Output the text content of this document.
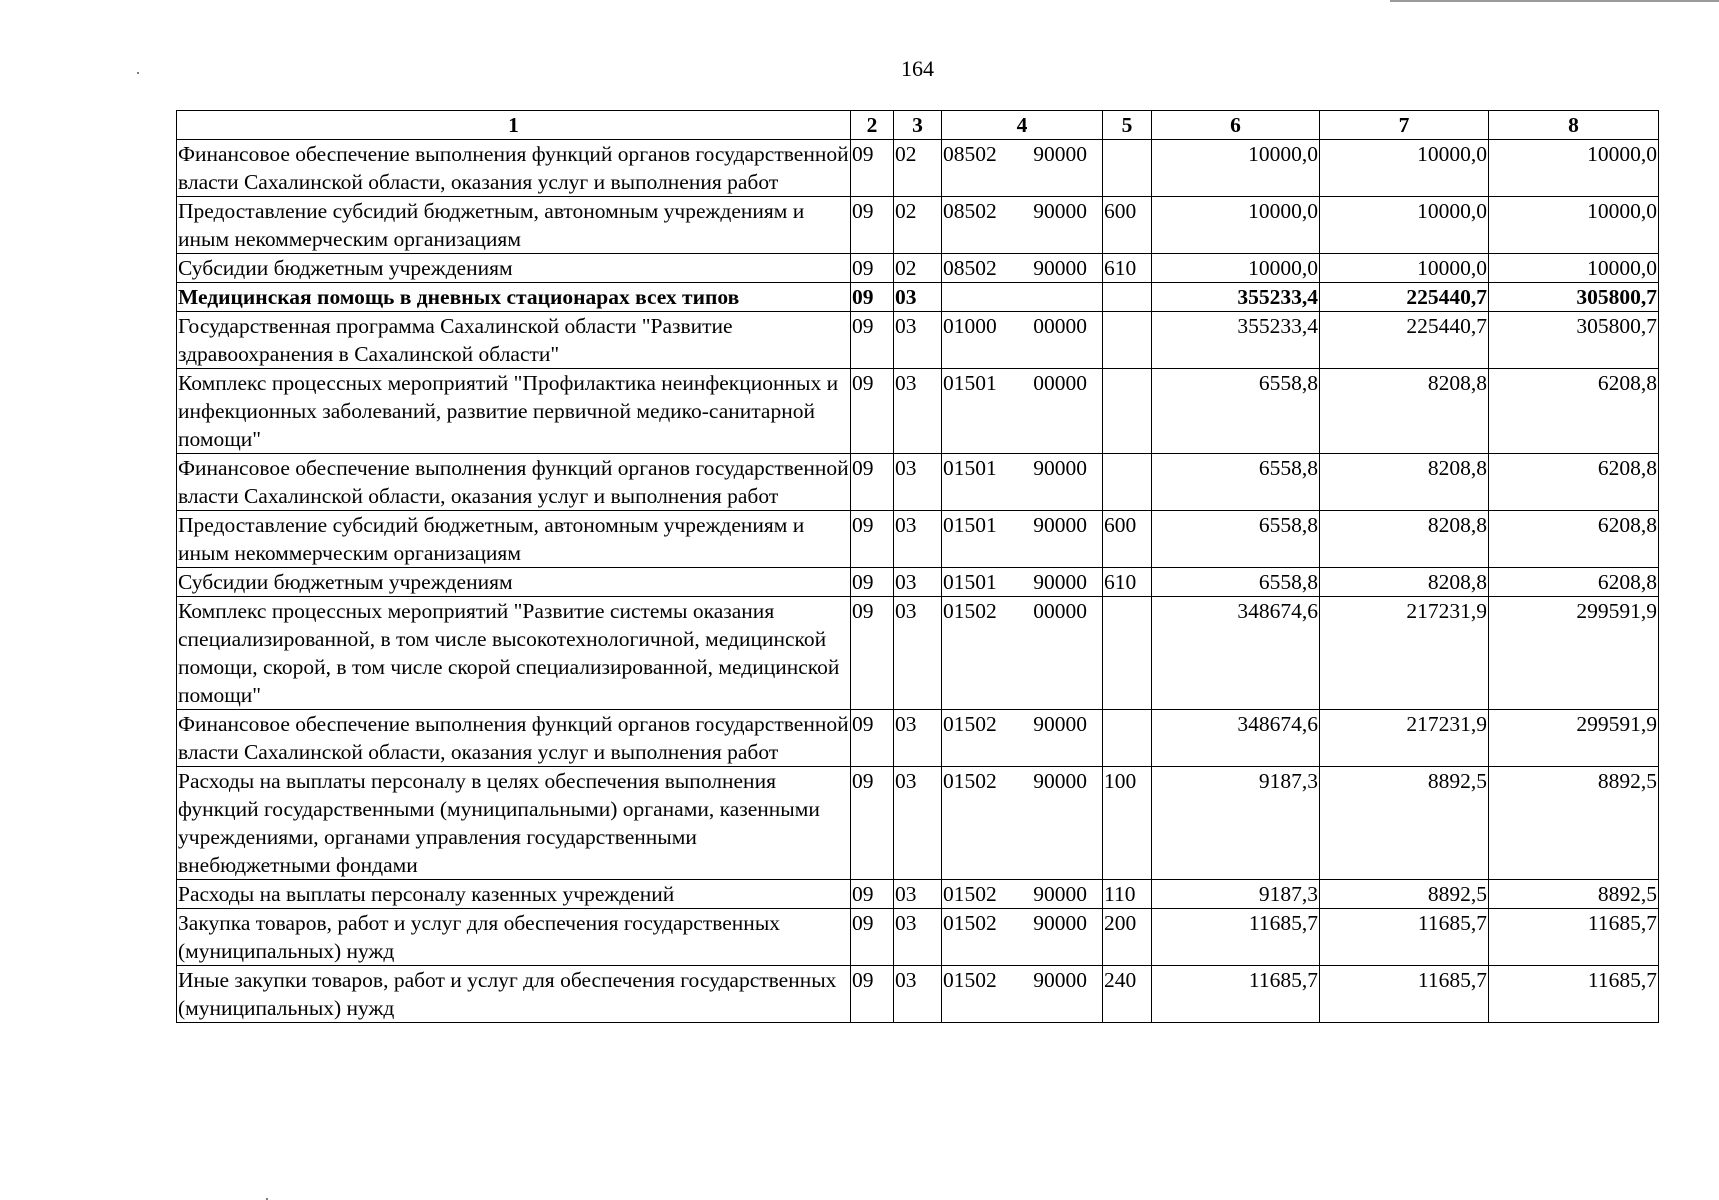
164
1	2	3	4	5	6	7	8
Финансовое обеспечение выполнения функций органов государственной власти Сахалинской области, оказания услуг и выполнения работ	09	02	08502 90000		10000,0	10000,0	10000,0
Предоставление субсидий бюджетным, автономным учреждениям и иным некоммерческим организациям	09	02	08502 90000	600	10000,0	10000,0	10000,0
Субсидии бюджетным учреждениям	09	02	08502 90000	610	10000,0	10000,0	10000,0
Медицинская помощь в дневных стационарах всех типов	09	03			355233,4	225440,7	305800,7
Государственная программа Сахалинской области "Развитие здравоохранения в Сахалинской области"	09	03	01000 00000		355233,4	225440,7	305800,7
Комплекс процессных мероприятий "Профилактика неинфекционных и инфекционных заболеваний, развитие первичной медико-санитарной помощи"	09	03	01501 00000		6558,8	8208,8	6208,8
Финансовое обеспечение выполнения функций органов государственной власти Сахалинской области, оказания услуг и выполнения работ	09	03	01501 90000		6558,8	8208,8	6208,8
Предоставление субсидий бюджетным, автономным учреждениям и иным некоммерческим организациям	09	03	01501 90000	600	6558,8	8208,8	6208,8
Субсидии бюджетным учреждениям	09	03	01501 90000	610	6558,8	8208,8	6208,8
Комплекс процессных мероприятий "Развитие системы оказания специализированной, в том числе высокотехнологичной, медицинской помощи, скорой, в том числе скорой специализированной, медицинской помощи"	09	03	01502 00000		348674,6	217231,9	299591,9
Финансовое обеспечение выполнения функций органов государственной власти Сахалинской области, оказания услуг и выполнения работ	09	03	01502 90000		348674,6	217231,9	299591,9
Расходы на выплаты персоналу в целях обеспечения выполнения функций государственными (муниципальными) органами, казенными учреждениями, органами управления государственными внебюджетными фондами	09	03	01502 90000	100	9187,3	8892,5	8892,5
Расходы на выплаты персоналу казенных учреждений	09	03	01502 90000	110	9187,3	8892,5	8892,5
Закупка товаров, работ и услуг для обеспечения государственных (муниципальных) нужд	09	03	01502 90000	200	11685,7	11685,7	11685,7
Иные закупки товаров, работ и услуг для обеспечения государственных (муниципальных) нужд	09	03	01502 90000	240	11685,7	11685,7	11685,7
